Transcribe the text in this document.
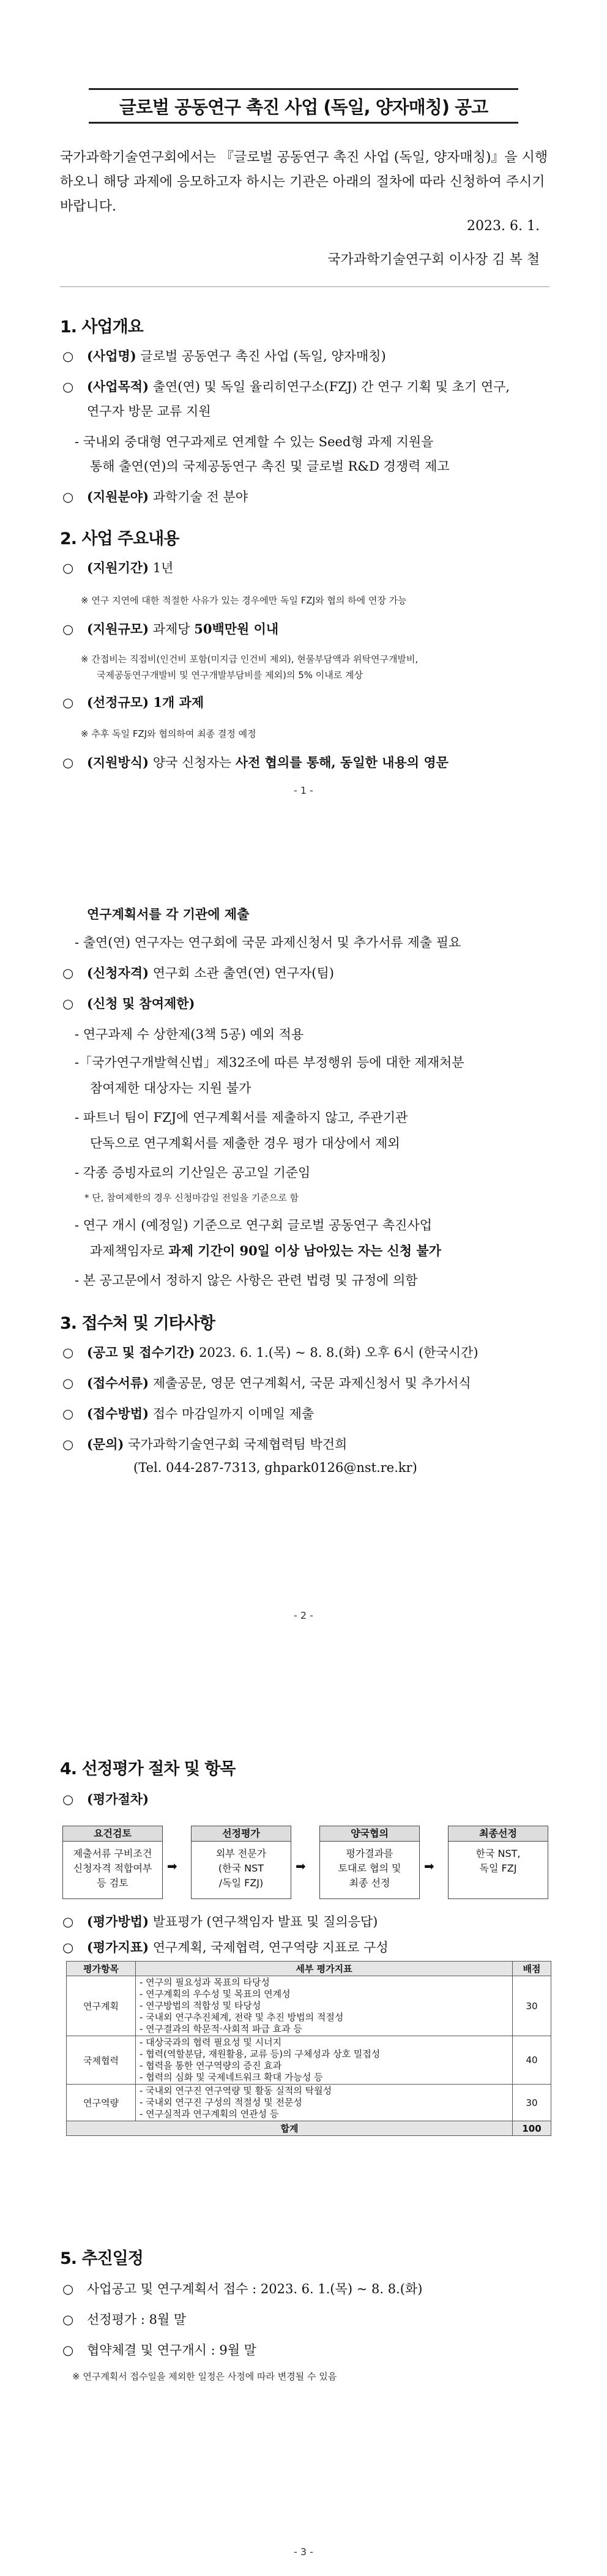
글로벌 공동연구 촉진 사업 (독일, 양자매칭) 공고
국가과학기술연구회에서는 『글로벌 공동연구 촉진 사업 (독일, 양자매칭)』을 시행하오니 해당 과제에 응모하고자 하시는 기관은 아래의 절차에 따라 신청하여 주시기 바랍니다.
2023. 6. 1.
국가과학기술연구회 이사장 김 복 철
1. 사업개요
○ (사업명) 글로벌 공동연구 촉진 사업 (독일, 양자매칭)
○ (사업목적) 출연(연) 및 독일 율리히연구소(FZJ) 간 연구 기획 및 초기 연구,
연구자 방문 교류 지원
- 국내외 중대형 연구과제로 연계할 수 있는 Seed형 과제 지원을
통해 출연(연)의 국제공동연구 촉진 및 글로벌 R&D 경쟁력 제고
○ (지원분야) 과학기술 전 분야
2. 사업 주요내용
○ (지원기간) 1년
※ 연구 지연에 대한 적절한 사유가 있는 경우에만 독일 FZJ와 협의 하에 연장 가능
○ (지원규모) 과제당 50백만원 이내
※ 간접비는 직접비(인건비 포함(미지급 인건비 제외), 현물부담액과 위탁연구개발비,
국제공동연구개발비 및 연구개발부담비를 제외)의 5% 이내로 계상
○ (선정규모) 1개 과제
※ 추후 독일 FZJ와 협의하여 최종 결정 예정
○ (지원방식) 양국 신청자는 사전 협의를 통해, 동일한 내용의 영문
- 1 -
연구계획서를 각 기관에 제출
- 출연(연) 연구자는 연구회에 국문 과제신청서 및 추가서류 제출 필요
○ (신청자격) 연구회 소관 출연(연) 연구자(팀)
○ (신청 및 참여제한)
- 연구과제 수 상한제(3책 5공) 예외 적용
-「국가연구개발혁신법」제32조에 따른 부정행위 등에 대한 제재처분
참여제한 대상자는 지원 불가
- 파트너 팀이 FZJ에 연구계획서를 제출하지 않고, 주관기관
단독으로 연구계획서를 제출한 경우 평가 대상에서 제외
- 각종 증빙자료의 기산일은 공고일 기준임
* 단, 참여제한의 경우 신청마감일 전일을 기준으로 함
- 연구 개시 (예정일) 기준으로 연구회 글로벌 공동연구 촉진사업
과제책임자로 과제 기간이 90일 이상 남아있는 자는 신청 불가
- 본 공고문에서 정하지 않은 사항은 관련 법령 및 규정에 의함
3. 접수처 및 기타사항
○ (공고 및 접수기간) 2023. 6. 1.(목) ~ 8. 8.(화) 오후 6시 (한국시간)
○ (접수서류) 제출공문, 영문 연구계획서, 국문 과제신청서 및 추가서식
○ (접수방법) 접수 마감일까지 이메일 제출
○ (문의) 국가과학기술연구회 국제협력팀 박건희
(Tel. 044-287-7313, ghpark0126@nst.re.kr)
- 2 -
4. 선정평가 절차 및 항목
○ (평가절차)
요건검토
제출서류 구비조건
신청자격 적합여부
등 검토
➡
선정평가
외부 전문가
(한국 NST
/독일 FZJ)
➡
양국협의
평가결과를
토대로 협의 및
최종 선정
➡
최종선정
한국 NST,
독일 FZJ
○ (평가방법) 발표평가 (연구책임자 발표 및 질의응답)
○ (평가지표) 연구계획, 국제협력, 연구역량 지표로 구성
평가항목	세부 평가지표	배점
연구계획	- 연구의 필요성과 목표의 타당성
- 연구계획의 우수성 및 목표의 연계성
- 연구방법의 적합성 및 타당성
- 국내외 연구추진체계, 전략 및 추진 방법의 적절성
- 연구결과의 학문적·사회적 파급 효과 등	30
국제협력	- 대상국과의 협력 필요성 및 시너지
- 협력(역할분담, 재원활용, 교류 등)의 구체성과 상호 밀접성
- 협력을 통한 연구역량의 증진 효과
- 협력의 심화 및 국제네트워크 확대 가능성 등	40
연구역량	- 국내외 연구진 연구역량 및 활동 실적의 탁월성
- 국내외 연구진 구성의 적절성 및 전문성
- 연구실적과 연구계획의 연관성 등	30
합계		100
5. 추진일정
○ 사업공고 및 연구계획서 접수 : 2023. 6. 1.(목) ~ 8. 8.(화)
○ 선정평가 : 8월 말
○ 협약체결 및 연구개시 : 9월 말
※ 연구계획서 접수일을 제외한 일정은 사정에 따라 변경될 수 있음
- 3 -
